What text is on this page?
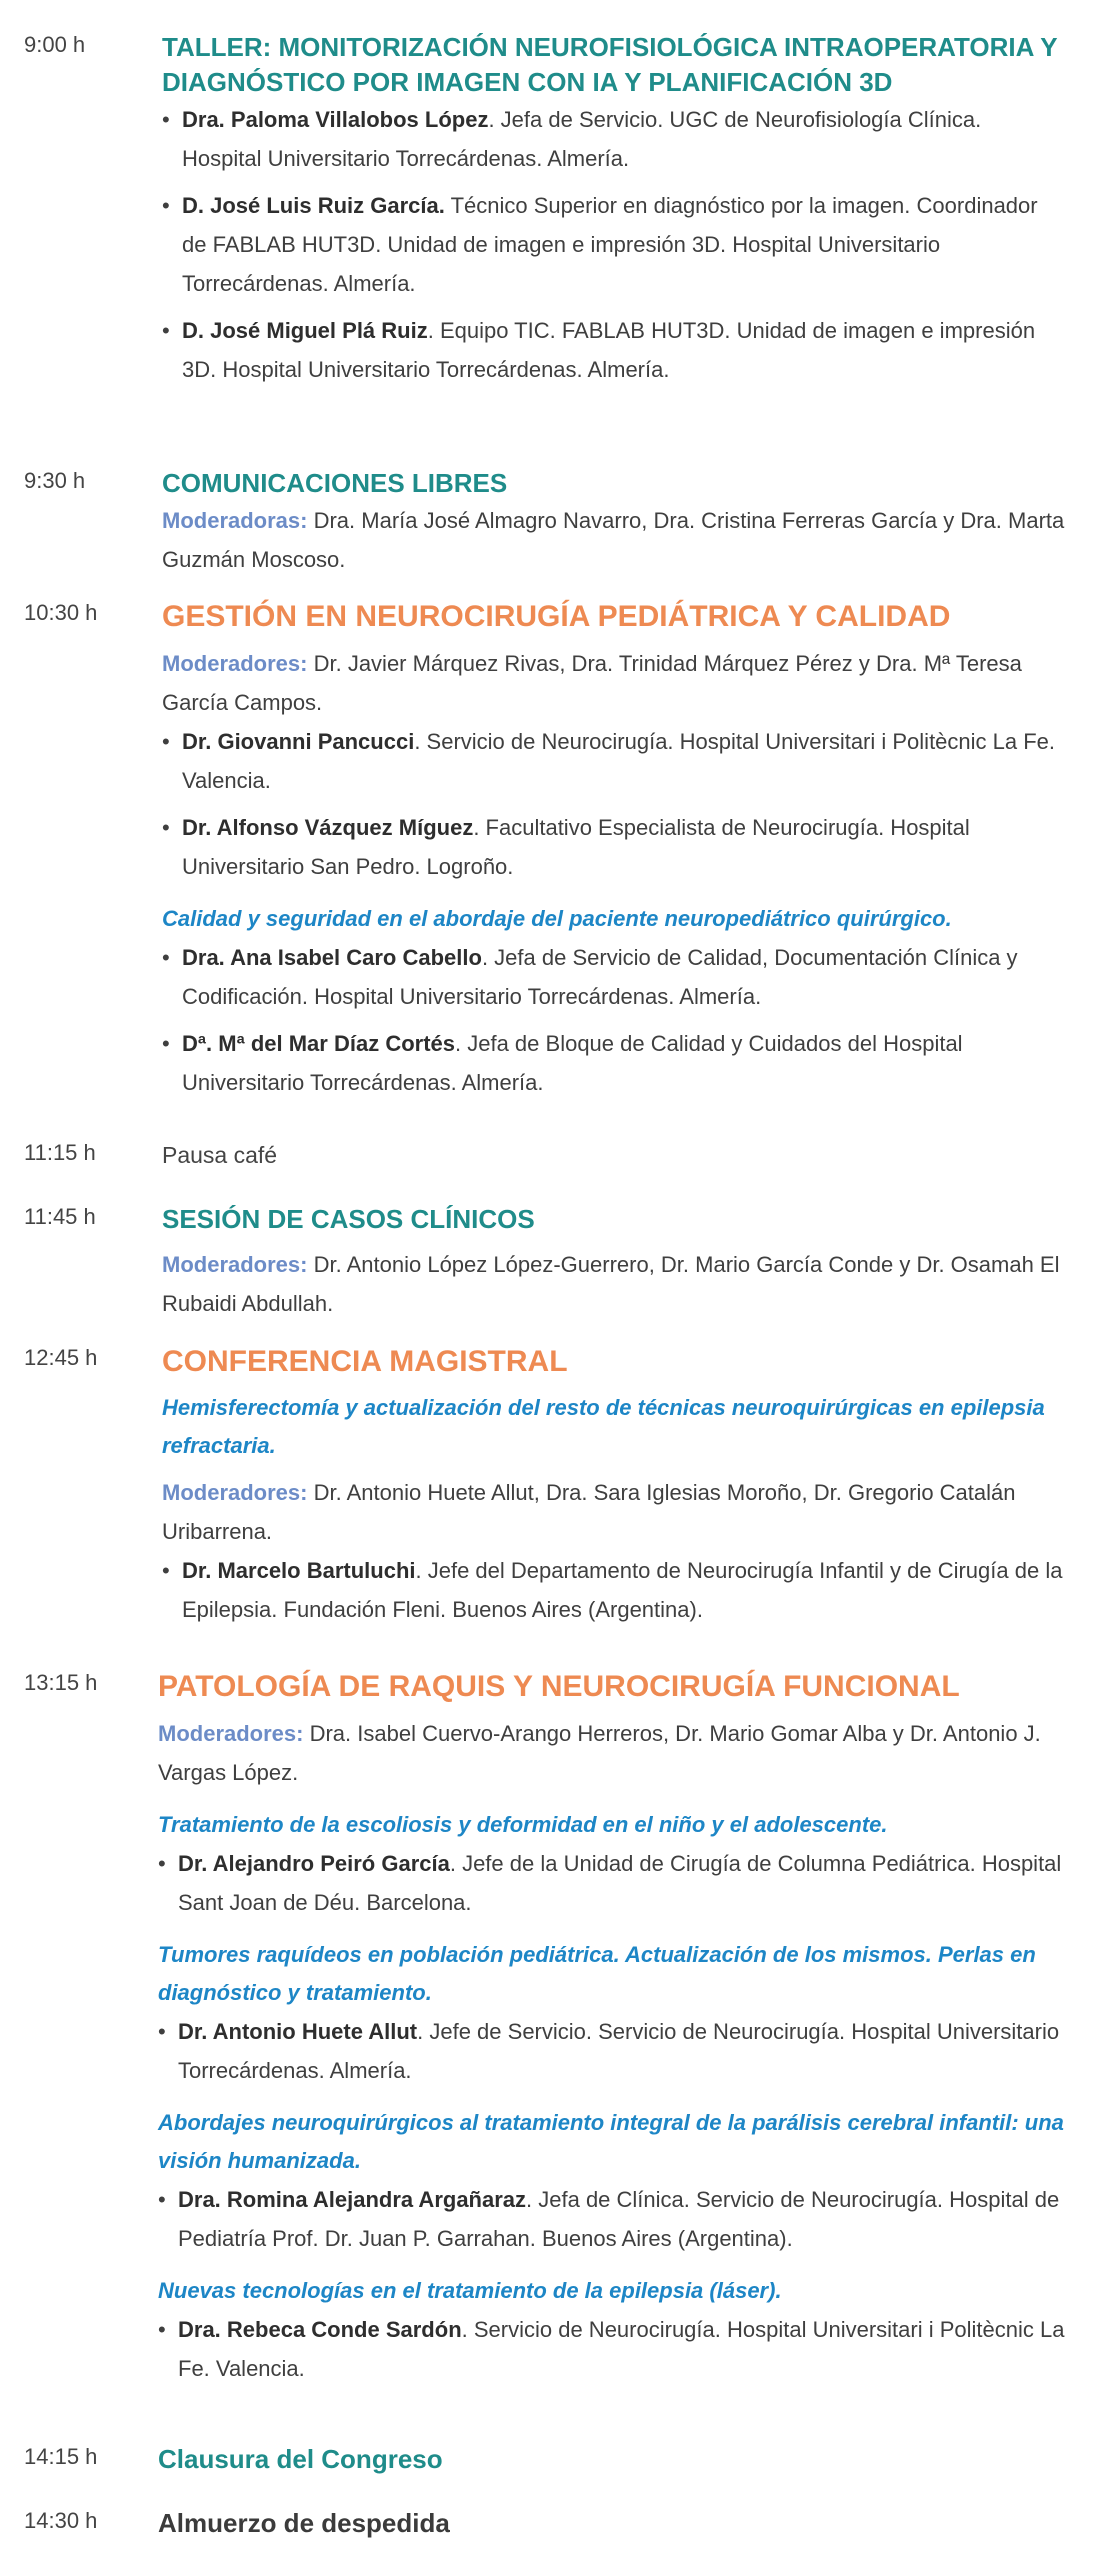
9:00 h	TALLER: MONITORIZACIÓN NEUROFISIOLÓGICA INTRAOPERATORIA Y DIAGNÓSTICO POR IMAGEN CON IA Y PLANIFICACIÓN 3D
• Dra. Paloma Villalobos López. Jefa de Servicio. UGC de Neurofisiología Clínica. Hospital Universitario Torrecárdenas. Almería.
• D. José Luis Ruiz García. Técnico Superior en diagnóstico por la imagen. Coordinador de FABLAB HUT3D. Unidad de imagen e impresión 3D. Hospital Universitario Torrecárdenas. Almería.
• D. José Miguel Plá Ruiz. Equipo TIC. FABLAB HUT3D. Unidad de imagen e impresión 3D. Hospital Universitario Torrecárdenas. Almería.
9:30 h	COMUNICACIONES LIBRES

Moderadoras: Dra. María José Almagro Navarro, Dra. Cristina Ferreras García y Dra. Marta Guzmán Moscoso.

10:30 h GESTIÓN EN NEUROCIRUGÍA PEDIÁTRICA Y CALIDAD

Moderadores: Dr. Javier Márquez Rivas, Dra. Trinidad Márquez Pérez y Dra. Mª Teresa García Campos.

• Dr. Giovanni Pancucci. Servicio de Neurocirugía. Hospital Universitari i Politècnic La Fe. Valencia.
• Dr. Alfonso Vázquez Míguez. Facultativo Especialista de Neurocirugía. Hospital Universitario San Pedro. Logroño.

Calidad y seguridad en el abordaje del paciente neuropediátrico quirúrgico.

• Dra. Ana Isabel Caro Cabello. Jefa de Servicio de Calidad, Documentación Clínica y Codificación. Hospital Universitario Torrecárdenas. Almería.
• Dª. Mª del Mar Díaz Cortés. Jefa de Bloque de Calidad y Cuidados del Hospital Universitario Torrecárdenas. Almería.
11:15 h	Pausa café

11:45 h	SESIÓN DE CASOS CLÍNICOS

Moderadores: Dr. Antonio López López-Guerrero, Dr. Mario García Conde y Dr. Osamah El Rubaidi Abdullah.

12:45 h CONFERENCIA MAGISTRAL

Hemisferectomía y actualización del resto de técnicas neuroquirúrgicas en epilepsia refractaria.

Moderadores: Dr. Antonio Huete Allut, Dra. Sara Iglesias Moroño, Dr. Gregorio Catalán Uribarrena.

• Dr. Marcelo Bartuluchi. Jefe del Departamento de Neurocirugía Infantil y de Cirugía de la Epilepsia. Fundación Fleni. Buenos Aires (Argentina).
13:15 h PATOLOGÍA DE RAQUIS Y NEUROCIRUGÍA FUNCIONAL

Moderadores: Dra. Isabel Cuervo-Arango Herreros, Dr. Mario Gomar Alba y Dr. Antonio J. Vargas López.

Tratamiento de la escoliosis y deformidad en el niño y el adolescente.

• Dr. Alejandro Peiró García. Jefe de la Unidad de Cirugía de Columna Pediátrica. Hospital Sant Joan de Déu. Barcelona.

Tumores raquídeos en población pediátrica. Actualización de los mismos. Perlas en diagnóstico y tratamiento.

• Dr. Antonio Huete Allut. Jefe de Servicio. Servicio de Neurocirugía. Hospital Universitario Torrecárdenas. Almería.

Abordajes neuroquirúrgicos al tratamiento integral de la parálisis cerebral infantil: una visión humanizada.

• Dra. Romina Alejandra Argañaraz. Jefa de Clínica. Servicio de Neurocirugía. Hospital de Pediatría Prof. Dr. Juan P. Garrahan. Buenos Aires (Argentina).

Nuevas tecnologías en el tratamiento de la epilepsia (láser).

• Dra. Rebeca Conde Sardón. Servicio de Neurocirugía. Hospital Universitari i Politècnic La Fe. Valencia.
14:15 h Clausura del Congreso
14:30 h Almuerzo de despedida
